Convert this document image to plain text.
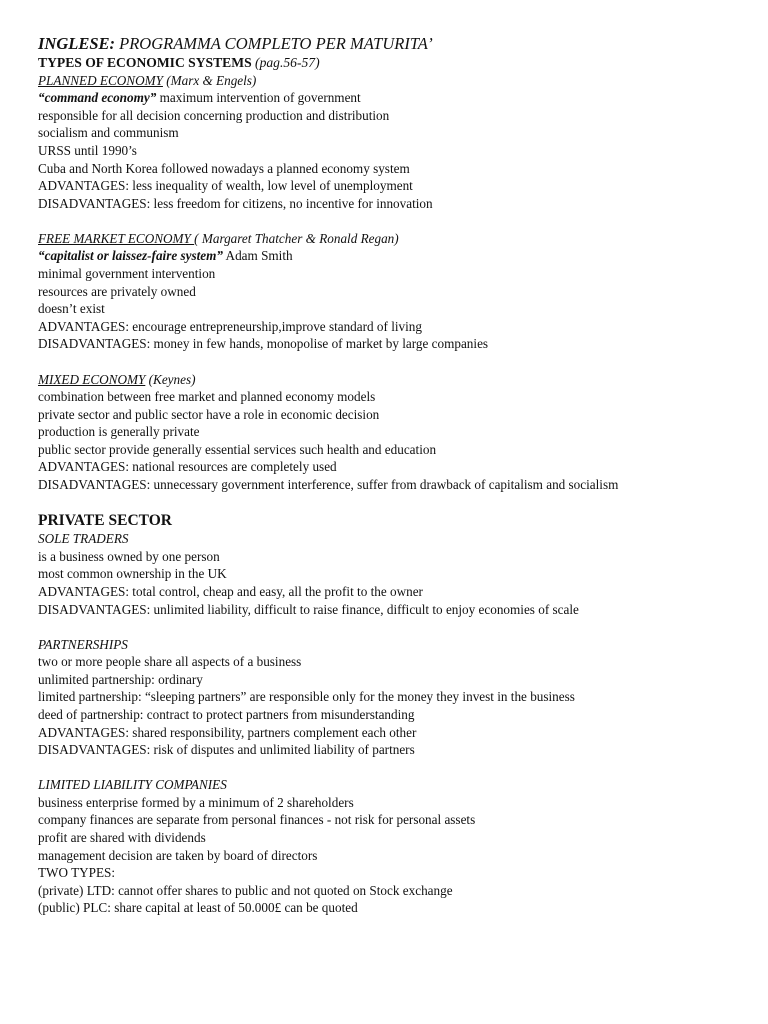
INGLESE: PROGRAMMA COMPLETO PER MATURITA’
TYPES OF ECONOMIC SYSTEMS (pag.56-57)
PLANNED ECONOMY (Marx & Engels)
“command economy” maximum intervention of government
responsible for all decision concerning production and distribution
socialism and communism
URSS until 1990’s
Cuba and North Korea followed nowadays a planned economy system
ADVANTAGES: less inequality of wealth, low level of unemployment
DISADVANTAGES: less freedom for citizens, no incentive for innovation
FREE MARKET ECONOMY ( Margaret Thatcher & Ronald Regan)
“capitalist or laissez-faire system” Adam Smith
minimal government intervention
resources are privately owned
doesn’t exist
ADVANTAGES: encourage entrepreneurship,improve standard of living
DISADVANTAGES: money in few hands, monopolise of market by large companies
MIXED ECONOMY (Keynes)
combination between free market and planned economy models
private sector and public sector have a role in economic decision
production is generally private
public sector provide generally essential services such health and education
ADVANTAGES: national resources are completely used
DISADVANTAGES: unnecessary government interference, suffer from drawback of capitalism and socialism
PRIVATE SECTOR
SOLE TRADERS
is a business owned by one person
most common ownership in the UK
ADVANTAGES: total control, cheap and easy, all the profit to the owner
DISADVANTAGES: unlimited liability, difficult to raise finance, difficult to enjoy economies of scale
PARTNERSHIPS
two or more people share all aspects of a business
unlimited partnership: ordinary
limited partnership: “sleeping partners” are responsible only for the money they invest in the business
deed of partnership: contract to protect partners from misunderstanding
ADVANTAGES: shared responsibility, partners complement each other
DISADVANTAGES: risk of disputes and unlimited liability of partners
LIMITED LIABILITY COMPANIES
business enterprise formed by a minimum of 2 shareholders
company finances are separate from personal finances - not risk for personal assets
profit are shared with dividends
management decision are taken by board of directors
TWO TYPES:
(private) LTD: cannot offer shares to public and not quoted on Stock exchange
(public) PLC: share capital at least of 50.000£ can be quoted
